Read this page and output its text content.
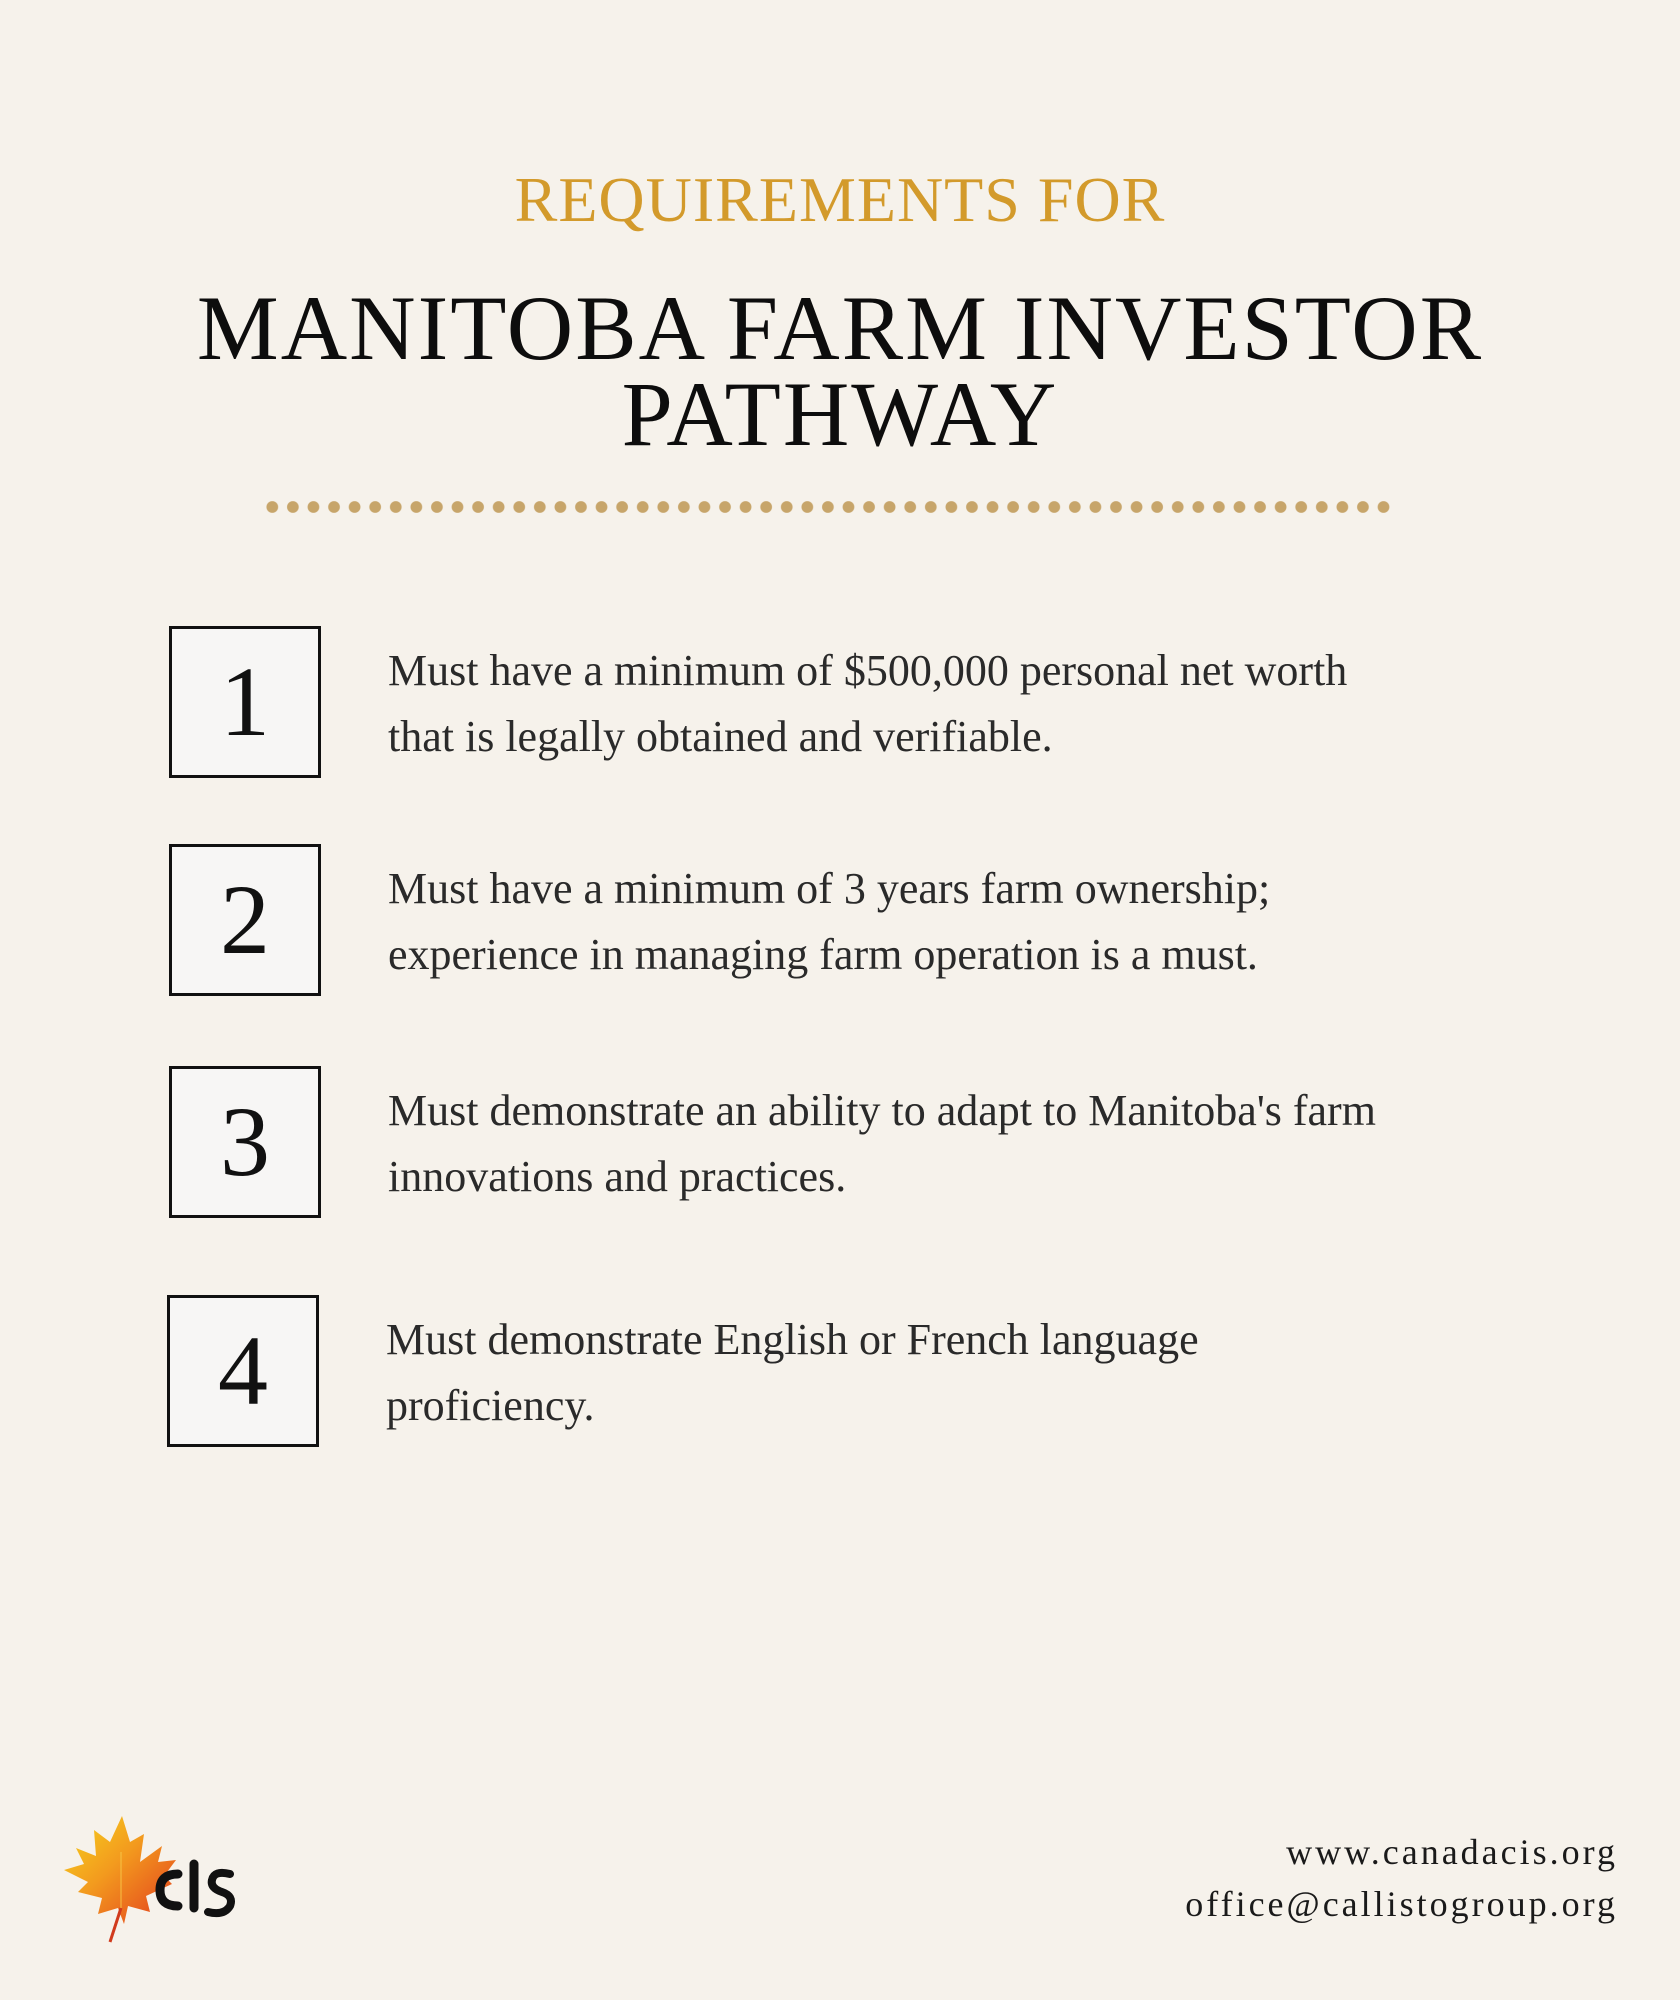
REQUIREMENTS FOR
MANITOBA FARM INVESTOR
PATHWAY
1	Must have a minimum of $500,000 personal net worth
that is legally obtained and verifiable.
2	Must have a minimum of 3 years farm ownership;
experience in managing farm operation is a must.
3	Must demonstrate an ability to adapt to Manitoba's farm
innovations and practices.
4	Must demonstrate English or French language
proficiency.
www.canadacis.org
office@callistogroup.org
